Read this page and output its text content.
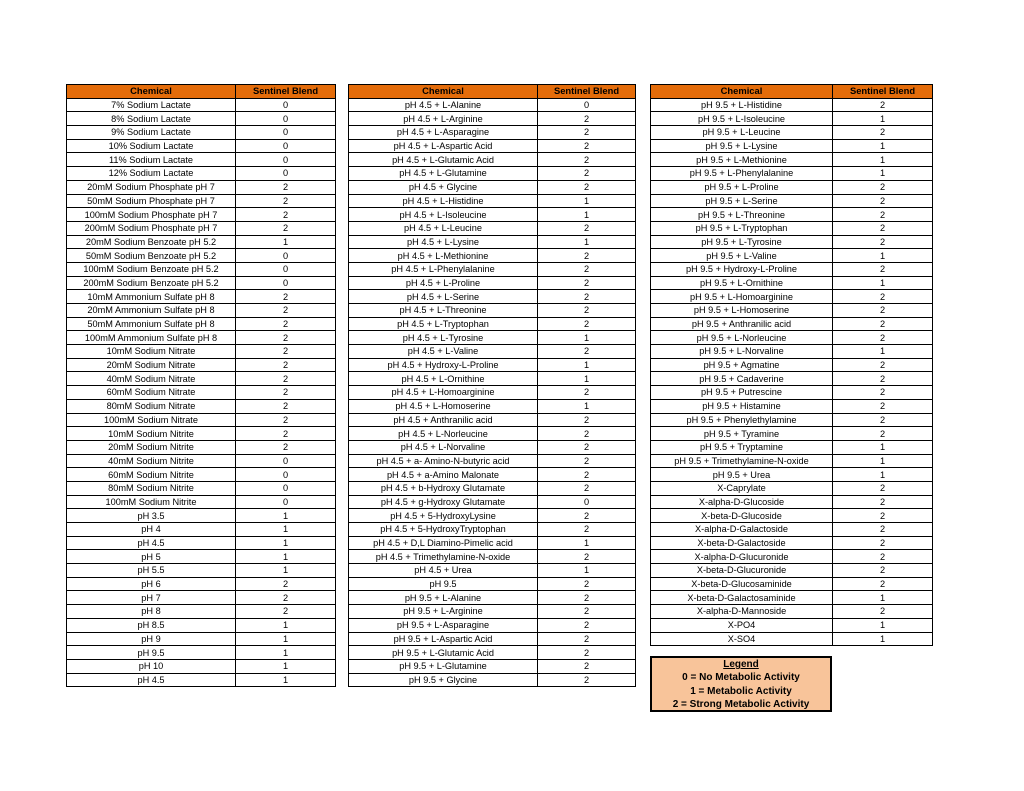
Chemical	Sentinel Blend
7% Sodium Lactate	0
8% Sodium Lactate	0
9% Sodium Lactate	0
10% Sodium Lactate	0
11% Sodium Lactate	0
12% Sodium Lactate	0
20mM Sodium Phosphate pH 7	2
50mM Sodium Phosphate pH 7	2
100mM Sodium Phosphate pH 7	2
200mM Sodium Phosphate pH 7	2
20mM Sodium Benzoate pH 5.2	1
50mM Sodium Benzoate pH 5.2	0
100mM Sodium Benzoate pH 5.2	0
200mM Sodium Benzoate pH 5.2	0
10mM Ammonium Sulfate pH 8	2
20mM Ammonium Sulfate pH 8	2
50mM Ammonium Sulfate pH 8	2
100mM Ammonium Sulfate pH 8	2
10mM Sodium Nitrate	2
20mM Sodium Nitrate	2
40mM Sodium Nitrate	2
60mM Sodium Nitrate	2
80mM Sodium Nitrate	2
100mM Sodium Nitrate	2
10mM Sodium Nitrite	2
20mM Sodium Nitrite	2
40mM Sodium Nitrite	0
60mM Sodium Nitrite	0
80mM Sodium Nitrite	0
100mM Sodium Nitrite	0
pH 3.5	1
pH 4	1
pH 4.5	1
pH 5	1
pH 5.5	1
pH 6	2
pH 7	2
pH 8	2
pH 8.5	1
pH 9	1
pH 9.5	1
pH 10	1
pH 4.5	1
Chemical	Sentinel Blend
pH 4.5 + L-Alanine	0
pH 4.5 + L-Arginine	2
pH 4.5 + L-Asparagine	2
pH 4.5 + L-Aspartic Acid	2
pH 4.5 + L-Glutamic Acid	2
pH 4.5 + L-Glutamine	2
pH 4.5 + Glycine	2
pH 4.5 + L-Histidine	1
pH 4.5 + L-Isoleucine	1
pH 4.5 + L-Leucine	2
pH 4.5 + L-Lysine	1
pH 4.5 + L-Methionine	2
pH 4.5 + L-Phenylalanine	2
pH 4.5 + L-Proline	2
pH 4.5 + L-Serine	2
pH 4.5 + L-Threonine	2
pH 4.5 + L-Tryptophan	2
pH 4.5 + L-Tyrosine	1
pH 4.5 + L-Valine	2
pH 4.5 + Hydroxy-L-Proline	1
pH 4.5 + L-Ornithine	1
pH 4.5 + L-Homoarginine	2
pH 4.5 + L-Homoserine	1
pH 4.5 + Anthranilic acid	2
pH 4.5 + L-Norleucine	2
pH 4.5 + L-Norvaline	2
pH 4.5 + a- Amino-N-butyric acid	2
pH 4.5 + a-Amino Malonate	2
pH 4.5 + b-Hydroxy Glutamate	2
pH 4.5 + g-Hydroxy Glutamate	0
pH 4.5 + 5-HydroxyLysine	2
pH 4.5 + 5-HydroxyTryptophan	2
pH 4.5 + D,L Diamino-Pimelic acid	1
pH 4.5 + Trimethylamine-N-oxide	2
pH 4.5 + Urea	1
pH 9.5	2
pH 9.5 + L-Alanine	2
pH 9.5 + L-Arginine	2
pH 9.5 + L-Asparagine	2
pH 9.5 + L-Aspartic Acid	2
pH 9.5 + L-Glutamic Acid	2
pH 9.5 + L-Glutamine	2
pH 9.5 + Glycine	2
Chemical	Sentinel Blend
pH 9.5 + L-Histidine	2
pH 9.5 + L-Isoleucine	1
pH 9.5 + L-Leucine	2
pH 9.5 + L-Lysine	1
pH 9.5 + L-Methionine	1
pH 9.5 + L-Phenylalanine	1
pH 9.5 + L-Proline	2
pH 9.5 + L-Serine	2
pH 9.5 + L-Threonine	2
pH 9.5 + L-Tryptophan	2
pH 9.5 + L-Tyrosine	2
pH 9.5 + L-Valine	1
pH 9.5 + Hydroxy-L-Proline	2
pH 9.5 + L-Ornithine	1
pH 9.5 + L-Homoarginine	2
pH 9.5 + L-Homoserine	2
pH 9.5 + Anthranilic acid	2
pH 9.5 + L-Norleucine	2
pH 9.5 + L-Norvaline	1
pH 9.5 + Agmatine	2
pH 9.5 + Cadaverine	2
pH 9.5 + Putrescine	2
pH 9.5 + Histamine	2
pH 9.5 + Phenylethylamine	2
pH 9.5 + Tyramine	2
pH 9.5 + Tryptamine	1
pH 9.5 + Trimethylamine-N-oxide	1
pH 9.5 + Urea	1
X-Caprylate	2
X-alpha-D-Glucoside	2
X-beta-D-Glucoside	2
X-alpha-D-Galactoside	2
X-beta-D-Galactoside	2
X-alpha-D-Glucuronide	2
X-beta-D-Glucuronide	2
X-beta-D-Glucosaminide	2
X-beta-D-Galactosaminide	1
X-alpha-D-Mannoside	2
X-PO4	1
X-SO4	1
Legend
0 = No Metabolic Activity
1 = Metabolic Activity
2 = Strong Metabolic Activity
